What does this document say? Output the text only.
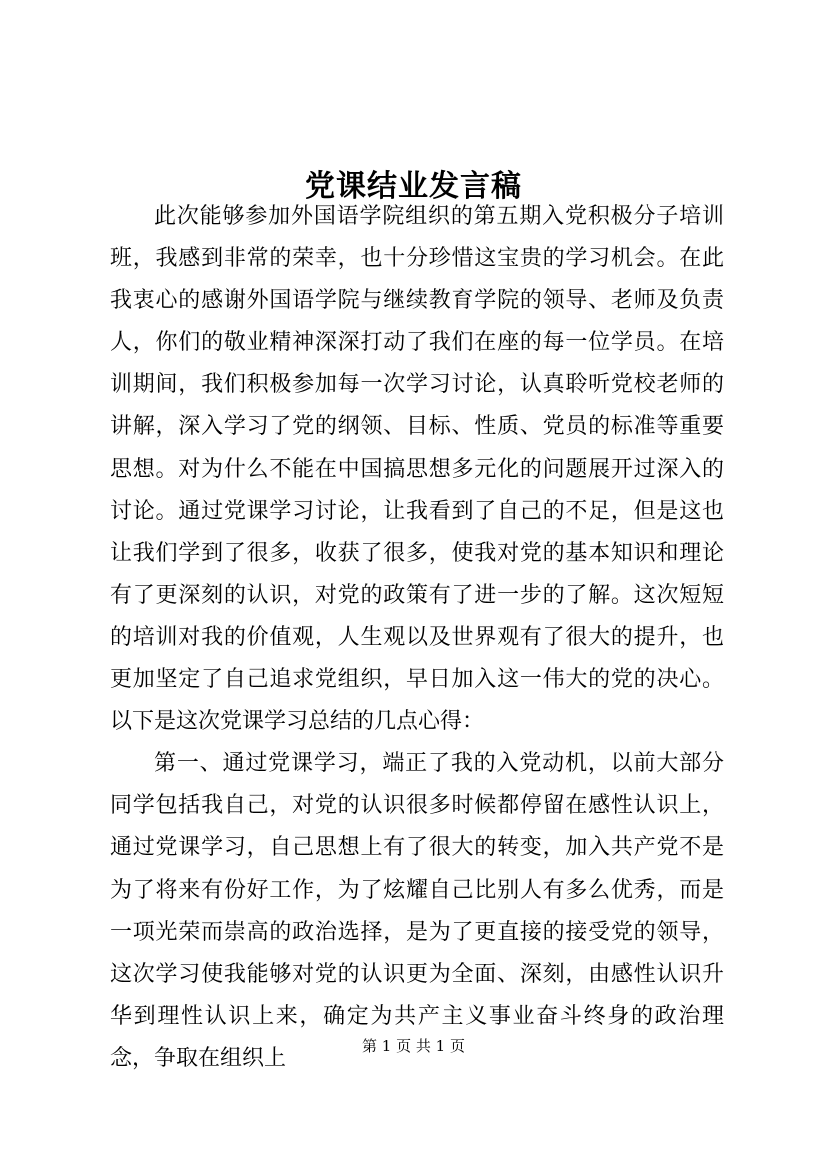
党课结业发言稿

此次能够参加外国语学院组织的第五期入党积极分子培训班，我感到非常的荣幸，也十分珍惜这宝贵的学习机会。在此我衷心的感谢外国语学院与继续教育学院的领导、老师及负责人，你们的敬业精神深深打动了我们在座的每一位学员。在培训期间，我们积极参加每一次学习讨论，认真聆听党校老师的讲解，深入学习了党的纲领、目标、性质、党员的标准等重要思想。对为什么不能在中国搞思想多元化的问题展开过深入的讨论。通过党课学习讨论，让我看到了自己的不足，但是这也让我们学到了很多，收获了很多，使我对党的基本知识和理论有了更深刻的认识，对党的政策有了进一步的了解。这次短短的培训对我的价值观，人生观以及世界观有了很大的提升，也更加坚定了自己追求党组织，早日加入这一伟大的党的决心。以下是这次党课学习总结的几点心得：

第一、通过党课学习，端正了我的入党动机，以前大部分同学包括我自己，对党的认识很多时候都停留在感性认识上，通过党课学习，自己思想上有了很大的转变，加入共产党不是为了将来有份好工作，为了炫耀自己比别人有多么优秀，而是一项光荣而崇高的政治选择，是为了更直接的接受党的领导，这次学习使我能够对党的认识更为全面、深刻，由感性认识升华到理性认识上来，确定为共产主义事业奋斗终身的政治理念，争取在组织上	第 1 页 共 1 页
